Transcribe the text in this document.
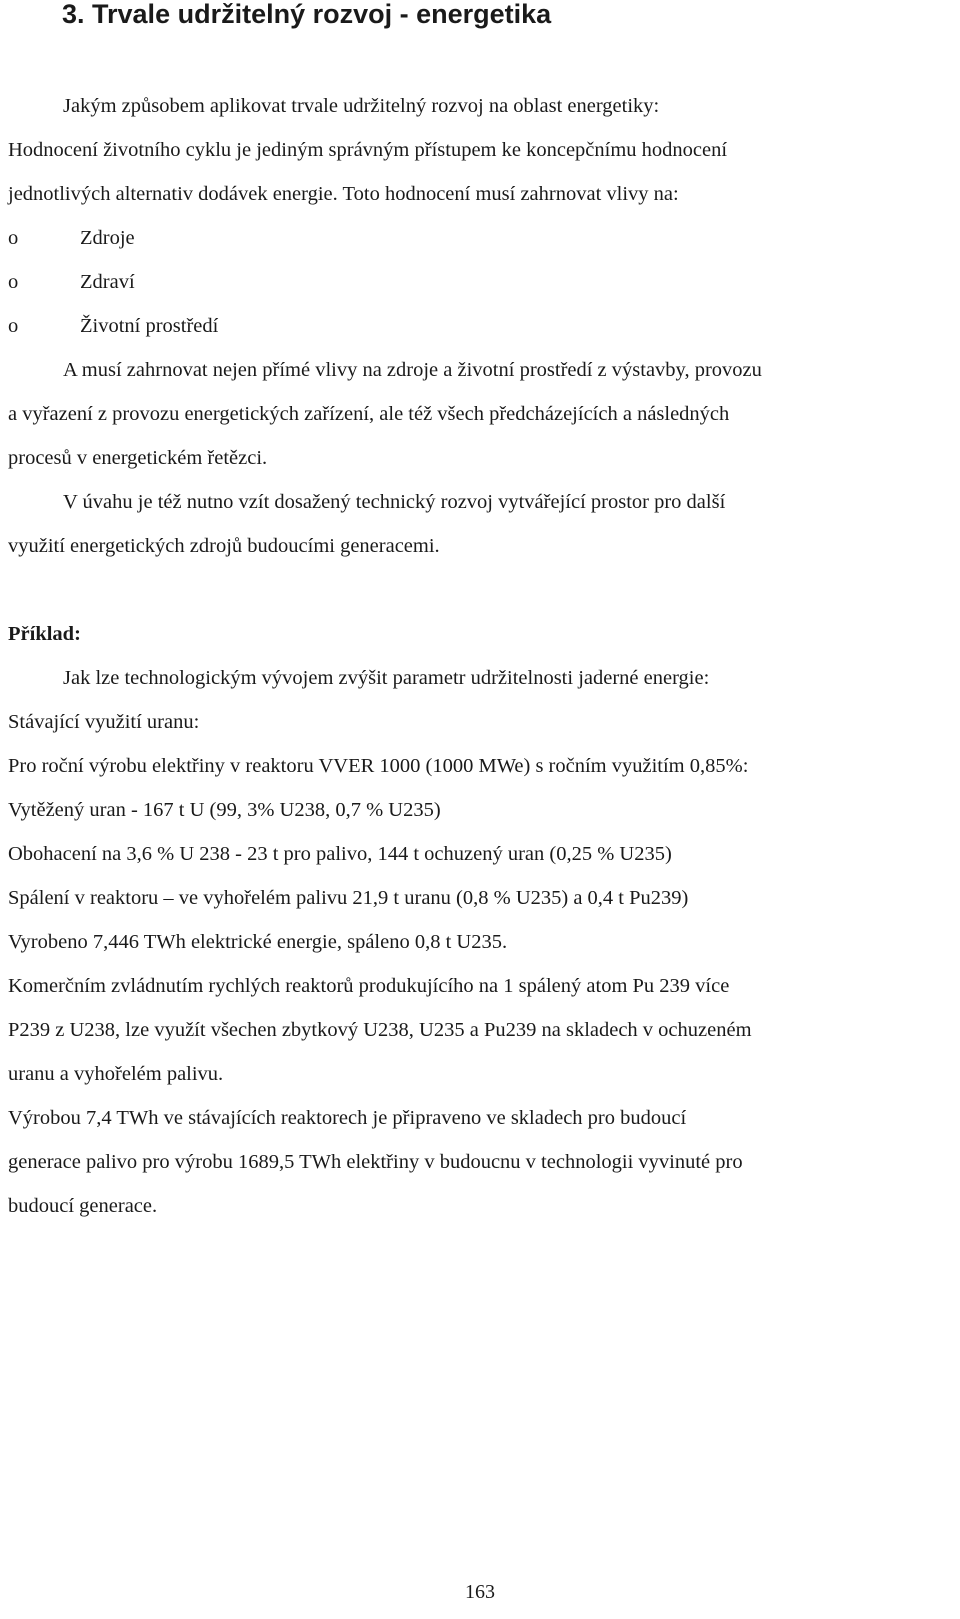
3. Trvale udržitelný rozvoj - energetika

Jakým způsobem aplikovat trvale udržitelný rozvoj na oblast energetiky:

Hodnocení životního cyklu je jediným správným přístupem ke koncepčnímu hodnocení

jednotlivých alternativ dodávek energie. Toto hodnocení musí zahrnovat vlivy na:

o	Zdroje
o	Zdraví
o	Životní prostředí

A musí zahrnovat nejen přímé vlivy na zdroje a životní prostředí z výstavby, provozu

a vyřazení z provozu energetických zařízení, ale též všech předcházejících a následných

procesů v energetickém řetězci.

V úvahu je též nutno vzít dosažený technický rozvoj vytvářející prostor pro další

využití energetických zdrojů budoucími generacemi.

Příklad:

Jak lze technologickým vývojem zvýšit parametr udržitelnosti jaderné energie:

Stávající využití uranu:

Pro roční výrobu elektřiny v reaktoru VVER 1000 (1000 MWe) s ročním využitím 0,85%:

Vytěžený uran - 167 t U (99, 3% U238, 0,7 % U235)

Obohacení na 3,6 % U 238 - 23 t pro palivo, 144 t ochuzený uran (0,25 % U235)

Spálení v reaktoru – ve vyhořelém palivu 21,9 t uranu (0,8 % U235) a 0,4 t Pu239)

Vyrobeno 7,446 TWh elektrické energie, spáleno 0,8 t U235.

Komerčním zvládnutím rychlých reaktorů produkujícího na 1 spálený atom Pu 239 více

P239 z U238, lze využít všechen zbytkový U238, U235 a Pu239 na skladech v ochuzeném

uranu a vyhořelém palivu.

Výrobou 7,4 TWh ve stávajících reaktorech je připraveno ve skladech pro budoucí

generace palivo pro výrobu 1689,5 TWh elektřiny v budoucnu v technologii vyvinuté pro

budoucí generace.

163
